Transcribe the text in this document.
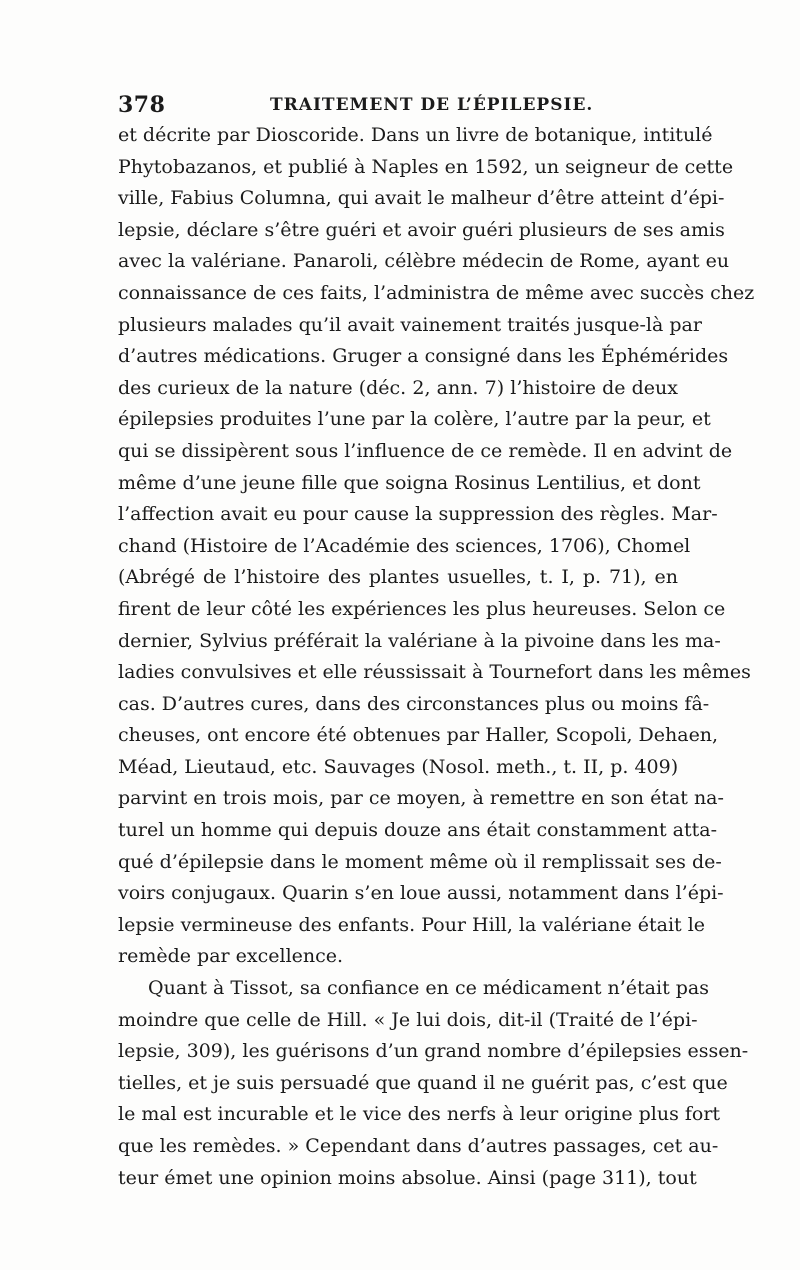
378	TRAITEMENT DE L’ÉPILEPSIE.
et décrite par Dioscoride. Dans un livre de botanique, intitulé
Phytobazanos, et publié à Naples en 1592, un seigneur de cette
ville, Fabius Columna, qui avait le malheur d’être atteint d’épi-
lepsie, déclare s’être guéri et avoir guéri plusieurs de ses amis
avec la valériane. Panaroli, célèbre médecin de Rome, ayant eu
connaissance de ces faits, l’administra de même avec succès chez
plusieurs malades qu’il avait vainement traités jusque-là par
d’autres médications. Gruger a consigné dans les Éphémérides
des curieux de la nature (déc. 2, ann. 7) l’histoire de deux
épilepsies produites l’une par la colère, l’autre par la peur, et
qui se dissipèrent sous l’influence de ce remède. Il en advint de
même d’une jeune fille que soigna Rosinus Lentilius, et dont
l’affection avait eu pour cause la suppression des règles. Mar-
chand (Histoire de l’Académie des sciences, 1706), Chomel
(Abrégé de l’histoire des plantes usuelles, t. I, p. 71), en
firent de leur côté les expériences les plus heureuses. Selon ce
dernier, Sylvius préférait la valériane à la pivoine dans les ma-
ladies convulsives et elle réussissait à Tournefort dans les mêmes
cas. D’autres cures, dans des circonstances plus ou moins fâ-
cheuses, ont encore été obtenues par Haller, Scopoli, Dehaen,
Méad, Lieutaud, etc. Sauvages (Nosol. meth., t. II, p. 409)
parvint en trois mois, par ce moyen, à remettre en son état na-
turel un homme qui depuis douze ans était constamment atta-
qué d’épilepsie dans le moment même où il remplissait ses de-
voirs conjugaux. Quarin s’en loue aussi, notamment dans l’épi-
lepsie vermineuse des enfants. Pour Hill, la valériane était le
remède par excellence.
Quant à Tissot, sa confiance en ce médicament n’était pas
moindre que celle de Hill. « Je lui dois, dit-il (Traité de l’épi-
lepsie, 309), les guérisons d’un grand nombre d’épilepsies essen-
tielles, et je suis persuadé que quand il ne guérit pas, c’est que
le mal est incurable et le vice des nerfs à leur origine plus fort
que les remèdes. » Cependant dans d’autres passages, cet au-
teur émet une opinion moins absolue. Ainsi (page 311), tout
